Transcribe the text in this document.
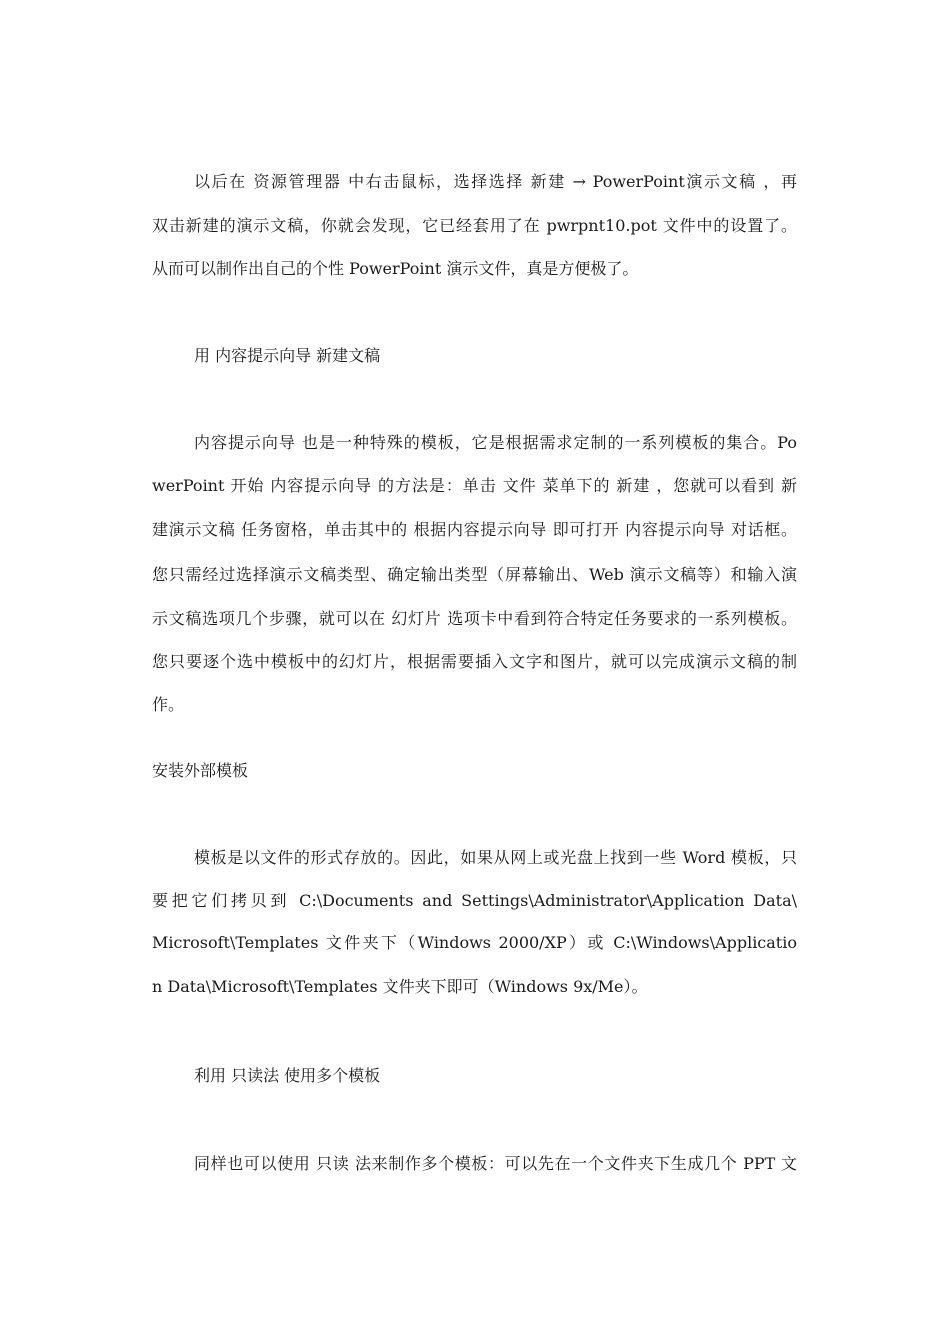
以后在 资源管理器 中右击鼠标，选择选择 新建 → PowerPoint演示文稿 ，再
双击新建的演示文稿，你就会发现，它已经套用了在 pwrpnt10.pot 文件中的设置了。
从而可以制作出自己的个性 PowerPoint 演示文件，真是方便极了。
用 内容提示向导 新建文稿
内容提示向导 也是一种特殊的模板，它是根据需求定制的一系列模板的集合。Po
werPoint 开始 内容提示向导 的方法是：单击 文件 菜单下的 新建 ，您就可以看到 新
建演示文稿 任务窗格，单击其中的 根据内容提示向导 即可打开 内容提示向导 对话框。
您只需经过选择演示文稿类型、确定输出类型（屏幕输出、Web 演示文稿等）和输入演
示文稿选项几个步骤，就可以在 幻灯片 选项卡中看到符合特定任务要求的一系列模板。
您只要逐个选中模板中的幻灯片，根据需要插入文字和图片，就可以完成演示文稿的制
作。
安装外部模板
模板是以文件的形式存放的。因此，如果从网上或光盘上找到一些 Word 模板，只
要把它们拷贝到 C:\Documents and Settings\Administrator\Application Data\
Microsoft\Templates 文件夹下（Windows 2000/XP）或 C:\Windows\Applicatio
n Data\Microsoft\Templates 文件夹下即可（Windows 9x/Me）。
利用 只读法 使用多个模板
同样也可以使用 只读 法来制作多个模板：可以先在一个文件夹下生成几个 PPT 文
